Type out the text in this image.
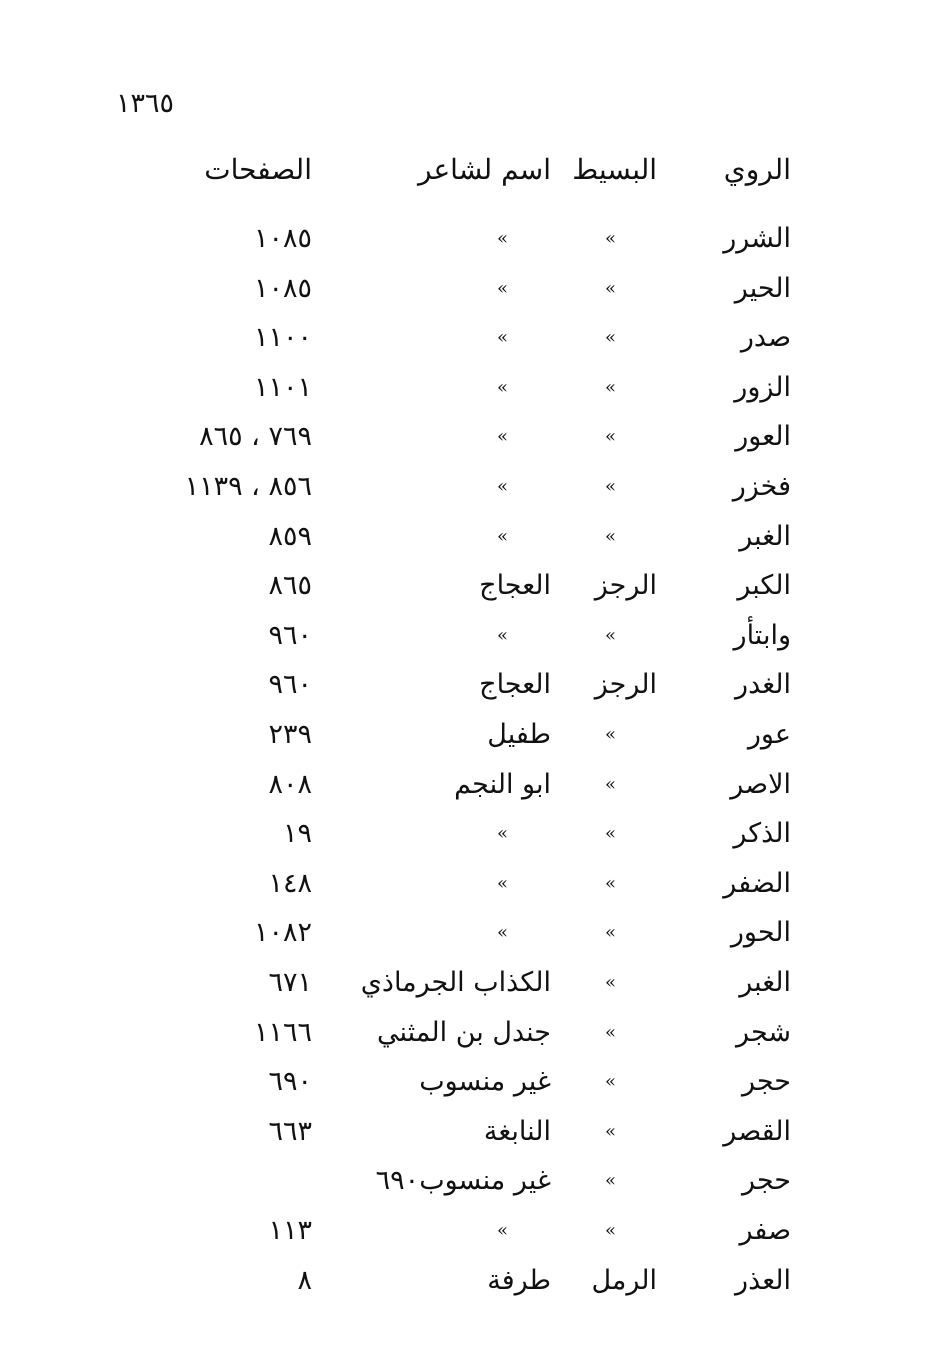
١٣٦٥
الروي
البسيط
اسم لشاعر
الصفحات
الشرر
»
»
١٠٨٥
الحير
»
»
١٠٨٥
صدر
»
»
١١٠٠
الزور
»
»
١١٠١
العور
»
»
٧٦٩ ، ٨٦٥
فخزر
»
»
٨٥٦ ، ١١٣٩
الغبر
»
»
٨٥٩
الكبر
الرجز
العجاج
٨٦٥
وابتأر
»
»
٩٦٠
الغدر
الرجز
العجاج
٩٦٠
عور
»
طفيل
٢٣٩
الاصر
»
ابو النجم
٨٠٨
الذكر
»
»
١٩
الضفر
»
»
١٤٨
الحور
»
»
١٠٨٢
الغبر
»
الكذاب الجرماذي
٦٧١
شجر
»
جندل بن المثني
١١٦٦
حجر
»
غير منسوب
٦٩٠
القصر
»
النابغة
٦٦٣
حجر
»
غير منسوب٦٩٠
صفر
»
»
١١٣
العذر
الرمل
طرفة
٨
